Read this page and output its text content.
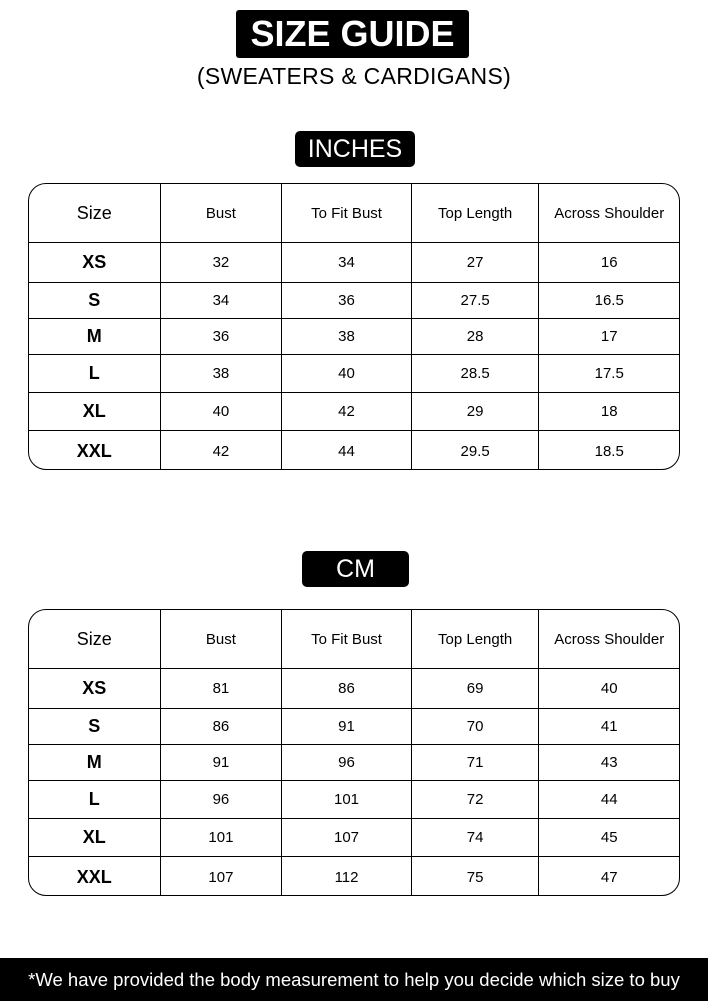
SIZE GUIDE
(SWEATERS & CARDIGANS)
INCHES
Size	Bust	To Fit Bust	Top Length	Across Shoulder
XS	32	34	27	16
S	34	36	27.5	16.5
M	36	38	28	17
L	38	40	28.5	17.5
XL	40	42	29	18
XXL	42	44	29.5	18.5
CM
Size	Bust	To Fit Bust	Top Length	Across Shoulder
XS	81	86	69	40
S	86	91	70	41
M	91	96	71	43
L	96	101	72	44
XL	101	107	74	45
XXL	107	112	75	47
*We have provided the body measurement to help you decide which size to buy
